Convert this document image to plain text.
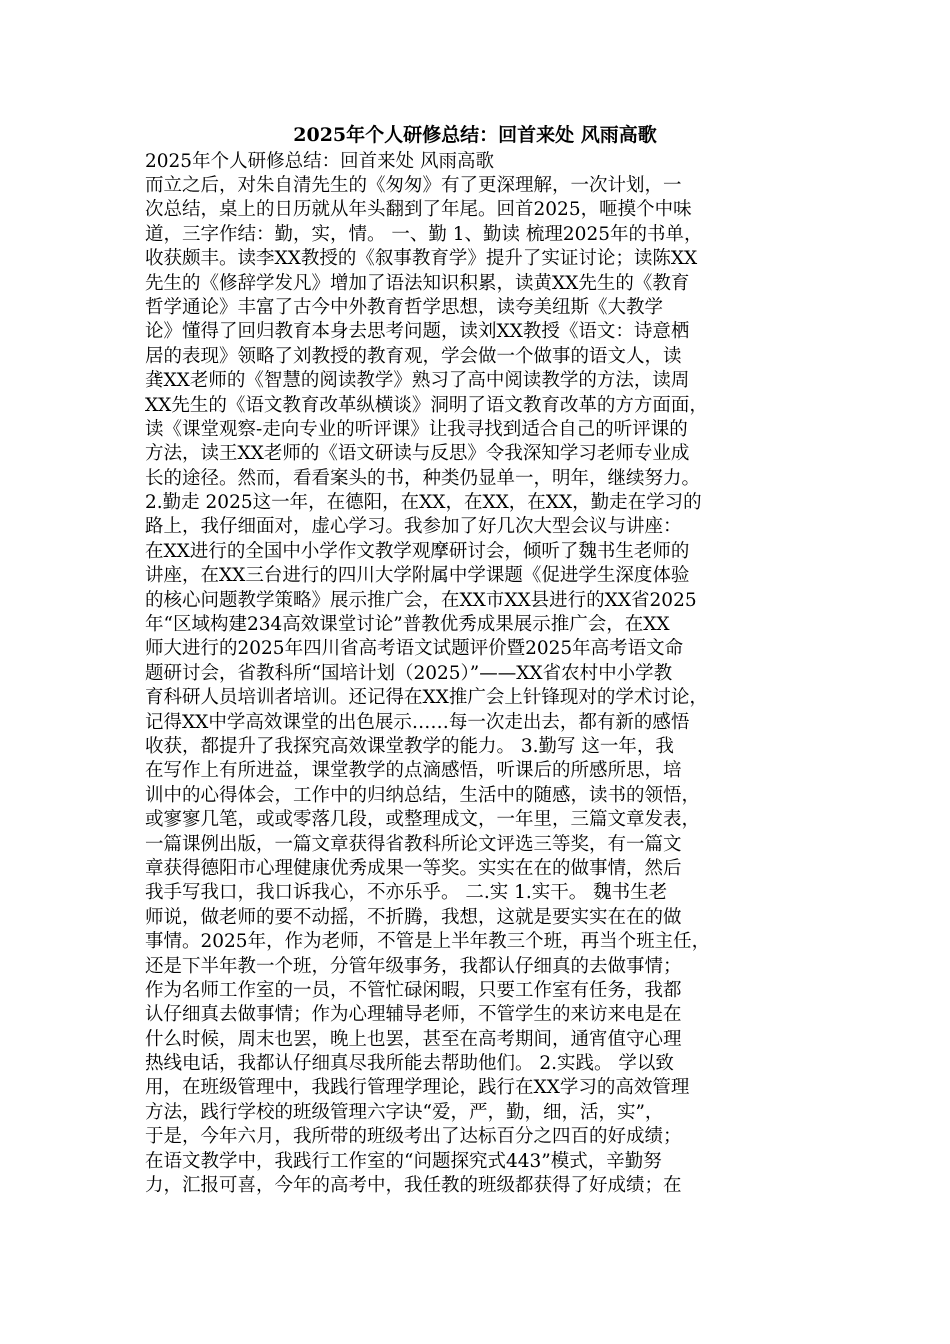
2025年个人研修总结：回首来处 风雨高歌
2025年个人研修总结：回首来处 风雨高歌
而立之后，对朱自清先生的《匆匆》有了更深理解，一次计划，一
次总结，桌上的日历就从年头翻到了年尾。回首2025，咂摸个中味
道，三字作结：勤，实，情。 一、勤 1、勤读 梳理2025年的书单，
收获颇丰。读李XX教授的《叙事教育学》提升了实证讨论；读陈XX
先生的《修辞学发凡》增加了语法知识积累，读黄XX先生的《教育
哲学通论》丰富了古今中外教育哲学思想，读夸美纽斯《大教学
论》懂得了回归教育本身去思考问题，读刘XX教授《语文：诗意栖
居的表现》领略了刘教授的教育观，学会做一个做事的语文人，读
龚XX老师的《智慧的阅读教学》熟习了高中阅读教学的方法，读周
XX先生的《语文教育改革纵横谈》洞明了语文教育改革的方方面面，
读《课堂观察-走向专业的听评课》让我寻找到适合自己的听评课的
方法，读王XX老师的《语文研读与反思》令我深知学习老师专业成
长的途径。然而，看看案头的书，种类仍显单一，明年，继续努力。
2.勤走 2025这一年，在德阳，在XX，在XX，在XX，勤走在学习的
路上，我仔细面对，虚心学习。我参加了好几次大型会议与讲座：
在XX进行的全国中小学作文教学观摩研讨会，倾听了魏书生老师的
讲座，在XX三台进行的四川大学附属中学课题《促进学生深度体验
的核心问题教学策略》展示推广会，在XX市XX县进行的XX省2025
年“区域构建234高效课堂讨论”普教优秀成果展示推广会，在XX
师大进行的2025年四川省高考语文试题评价暨2025年高考语文命
题研讨会，省教科所“国培计划（2025）”——XX省农村中小学教
育科研人员培训者培训。还记得在XX推广会上针锋现对的学术讨论，
记得XX中学高效课堂的出色展示……每一次走出去，都有新的感悟
收获，都提升了我探究高效课堂教学的能力。 3.勤写 这一年，我
在写作上有所进益，课堂教学的点滴感悟，听课后的所感所思，培
训中的心得体会，工作中的归纳总结，生活中的随感，读书的领悟，
或寥寥几笔，或或零落几段，或整理成文，一年里，三篇文章发表，
一篇课例出版，一篇文章获得省教科所论文评选三等奖，有一篇文
章获得德阳市心理健康优秀成果一等奖。实实在在的做事情，然后
我手写我口，我口诉我心，不亦乐乎。 二.实 1.实干。 魏书生老
师说，做老师的要不动摇，不折腾，我想，这就是要实实在在的做
事情。2025年，作为老师，不管是上半年教三个班，再当个班主任，
还是下半年教一个班，分管年级事务，我都认仔细真的去做事情；
作为名师工作室的一员，不管忙碌闲暇，只要工作室有任务，我都
认仔细真去做事情；作为心理辅导老师，不管学生的来访来电是在
什么时候，周末也罢，晚上也罢，甚至在高考期间，通宵值守心理
热线电话，我都认仔细真尽我所能去帮助他们。 2.实践。 学以致
用，在班级管理中，我践行管理学理论，践行在XX学习的高效管理
方法，践行学校的班级管理六字诀“爱，严，勤，细，活，实”，
于是，今年六月，我所带的班级考出了达标百分之四百的好成绩；
在语文教学中，我践行工作室的“问题探究式443”模式，辛勤努
力，汇报可喜，今年的高考中，我任教的班级都获得了好成绩；在
